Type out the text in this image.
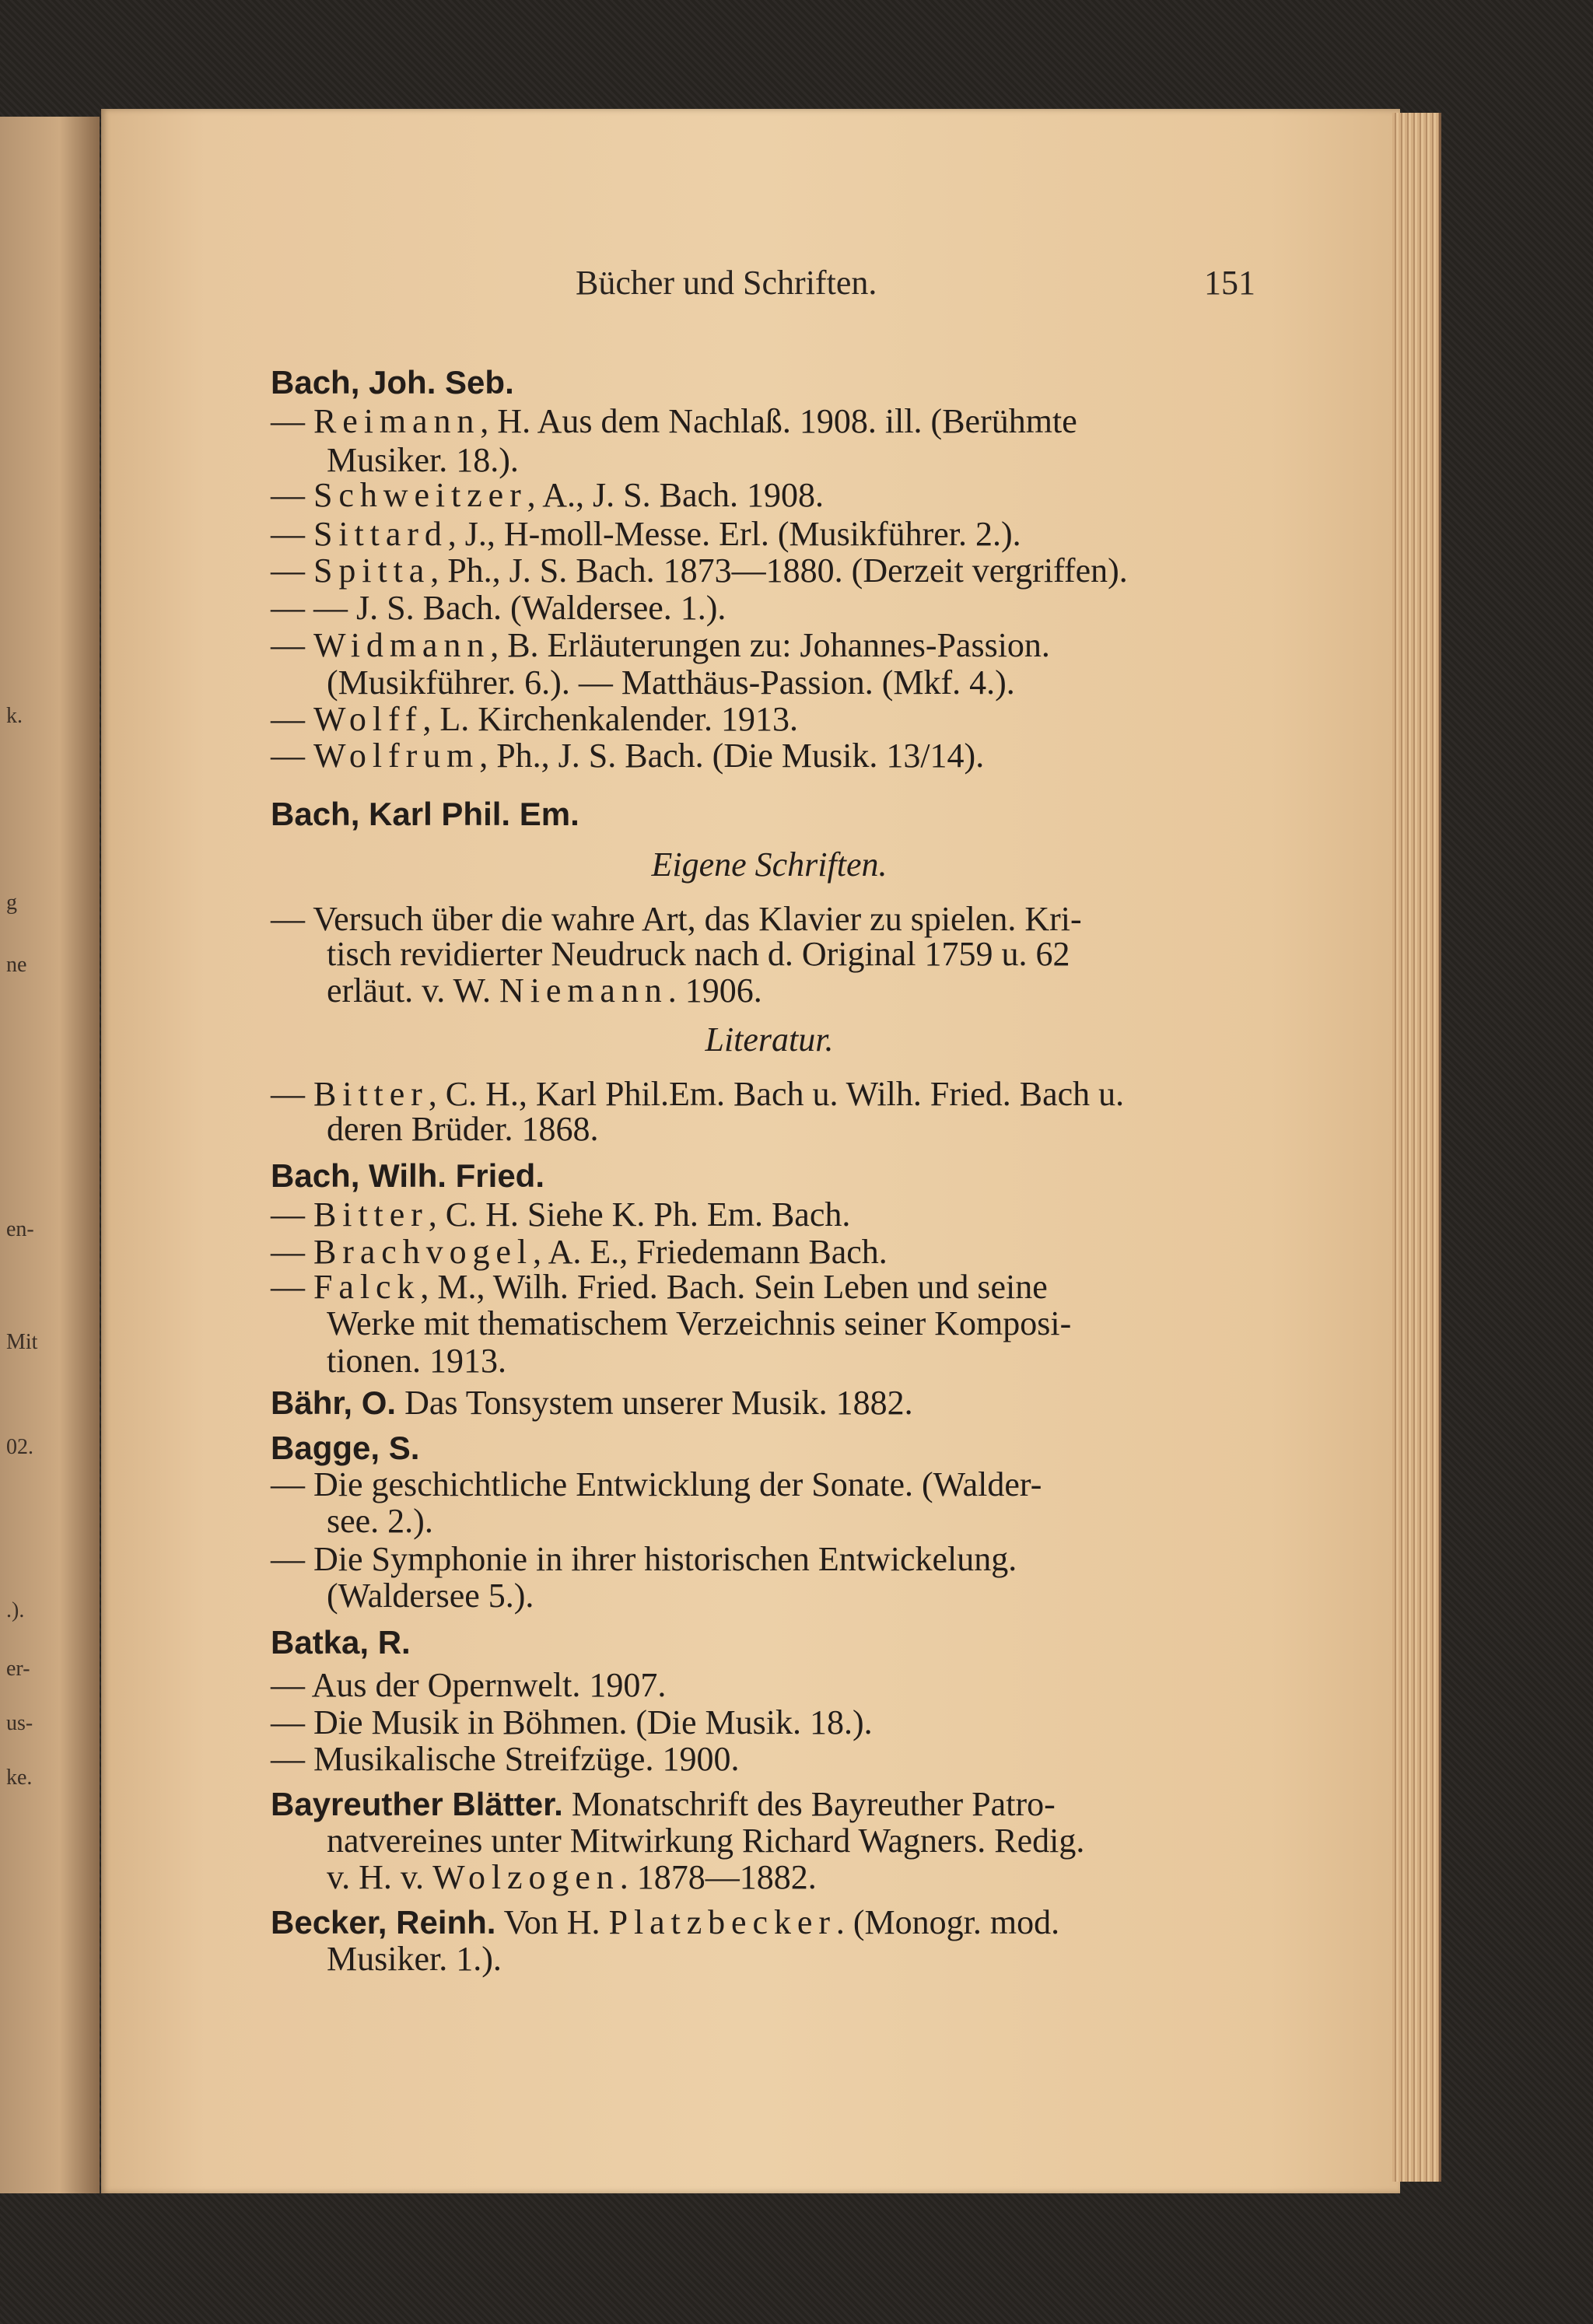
k.
g
ne
en-
Mit
02.
.).
er-
us-
ke.
Bücher und Schriften.	151
Bach, Joh. Seb.
— Reimann, H. Aus dem Nachlaß. 1908. ill. (Berühmte
Musiker. 18.).
— Schweitzer, A., J. S. Bach. 1908.
— Sittard, J., H-moll-Messe. Erl. (Musikführer. 2.).
— Spitta, Ph., J. S. Bach. 1873—1880. (Derzeit vergriffen).
— — J. S. Bach. (Waldersee. 1.).
— Widmann, B. Erläuterungen zu: Johannes-Passion.
(Musikführer. 6.). — Matthäus-Passion. (Mkf. 4.).
— Wolff, L. Kirchenkalender. 1913.
— Wolfrum, Ph., J. S. Bach. (Die Musik. 13/14).
Bach, Karl Phil. Em.
Eigene Schriften.
— Versuch über die wahre Art, das Klavier zu spielen. Kri-
tisch revidierter Neudruck nach d. Original 1759 u. 62
erläut. v. W. Niemann. 1906.
Literatur.
— Bitter, C. H., Karl Phil.Em. Bach u. Wilh. Fried. Bach u.
deren Brüder. 1868.
Bach, Wilh. Fried.
— Bitter, C. H. Siehe K. Ph. Em. Bach.
— Brachvogel, A. E., Friedemann Bach.
— Falck, M., Wilh. Fried. Bach. Sein Leben und seine
Werke mit thematischem Verzeichnis seiner Komposi-
tionen. 1913.
Bähr, O. Das Tonsystem unserer Musik. 1882.
Bagge, S.
— Die geschichtliche Entwicklung der Sonate. (Walder-
see. 2.).
— Die Symphonie in ihrer historischen Entwickelung.
(Waldersee 5.).
Batka, R.
— Aus der Opernwelt. 1907.
— Die Musik in Böhmen. (Die Musik. 18.).
— Musikalische Streifzüge. 1900.
Bayreuther Blätter. Monatschrift des Bayreuther Patro-
natvereines unter Mitwirkung Richard Wagners. Redig.
v. H. v. Wolzogen. 1878—1882.
Becker, Reinh. Von H. Platzbecker. (Monogr. mod.
Musiker. 1.).
